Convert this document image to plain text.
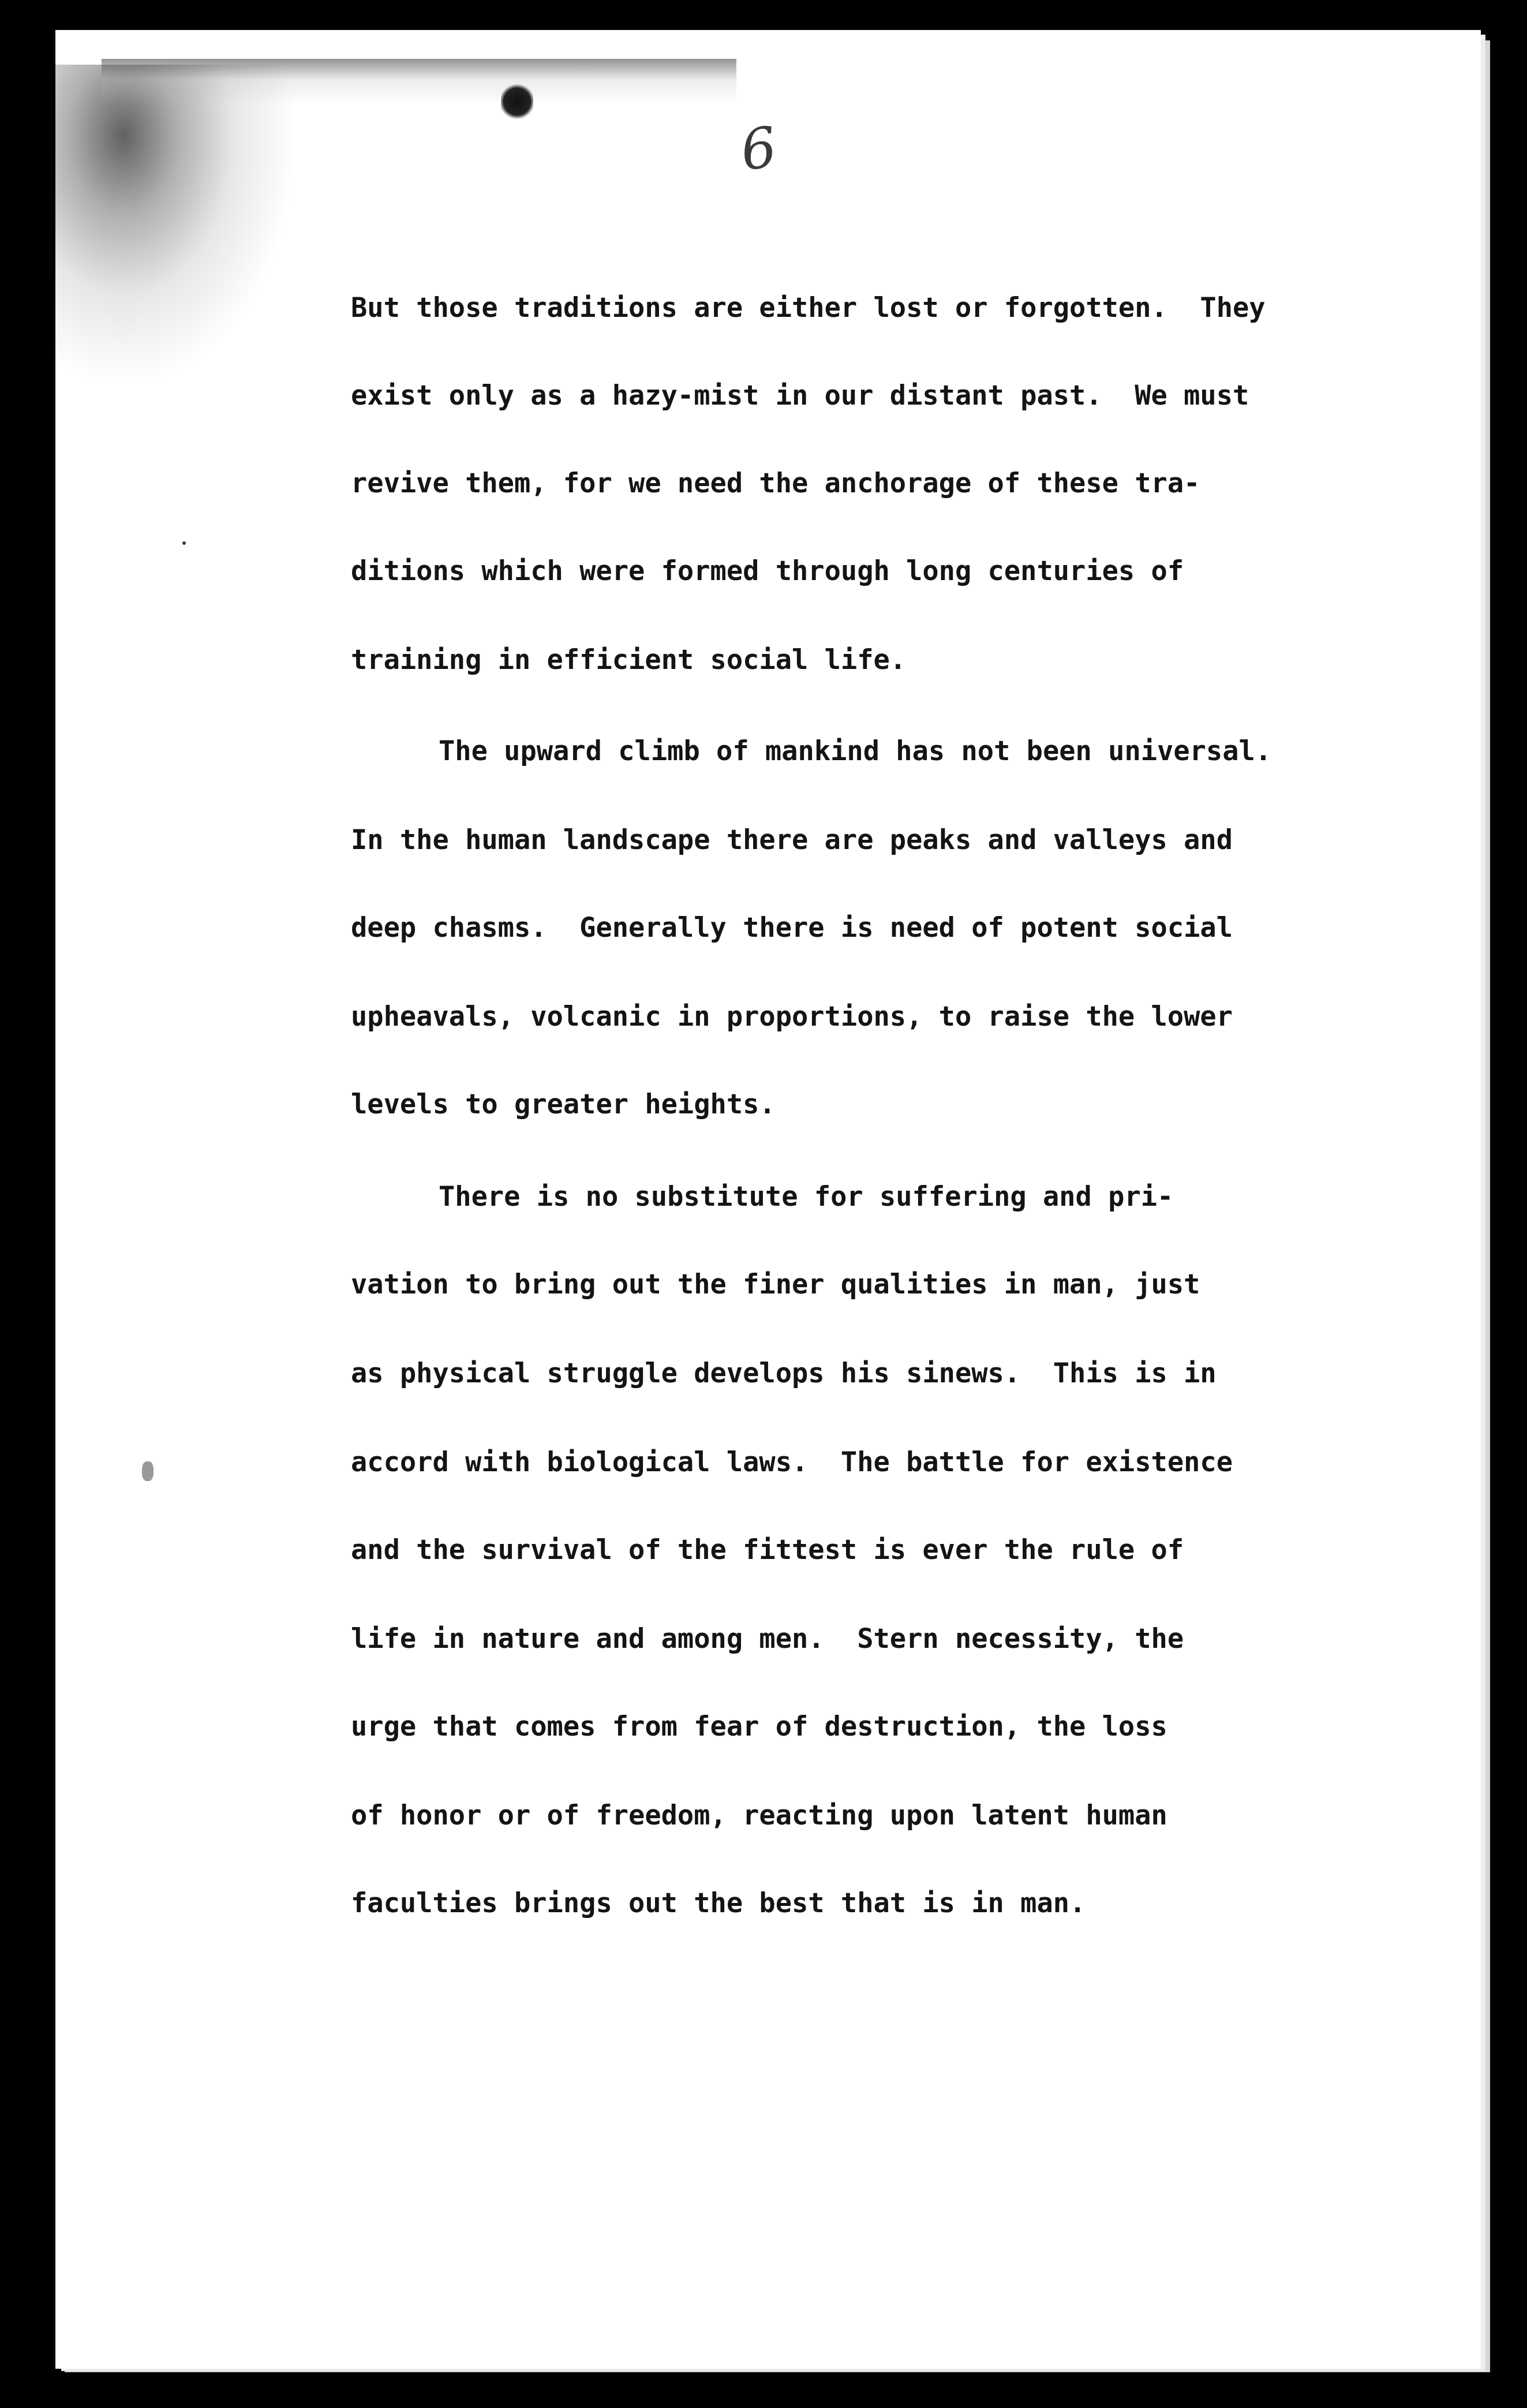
6
But those traditions are either lost or forgotten.  They
exist only as a hazy-mist in our distant past.  We must
revive them, for we need the anchorage of these tra-
ditions which were formed through long centuries of
training in efficient social life.
The upward climb of mankind has not been universal.
In the human landscape there are peaks and valleys and
deep chasms.  Generally there is need of potent social
upheavals, volcanic in proportions, to raise the lower
levels to greater heights.
There is no substitute for suffering and pri-
vation to bring out the finer qualities in man, just
as physical struggle develops his sinews.  This is in
accord with biological laws.  The battle for existence
and the survival of the fittest is ever the rule of
life in nature and among men.  Stern necessity, the
urge that comes from fear of destruction, the loss
of honor or of freedom, reacting upon latent human
faculties brings out the best that is in man.
